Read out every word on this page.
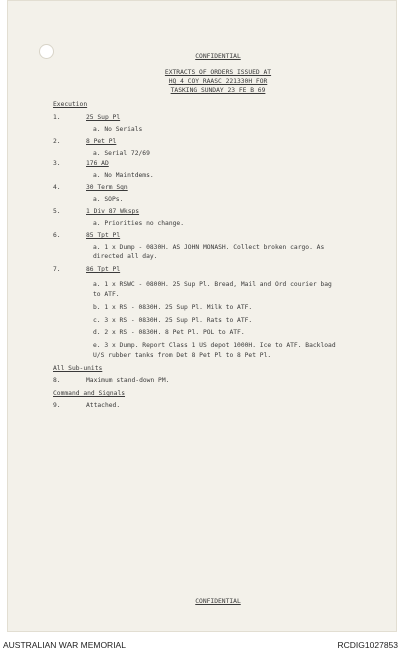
CONFIDENTIAL
EXTRACTS OF ORDERS ISSUED AT
HQ 4 COY RAASC 221330H FOR
TASKING SUNDAY 23 FE B 69
Execution
1.	25 Sup Pl
a. No Serials
2.	8 Pet Pl
a. Serial 72/69
3.	176 AD
a. No Maintdems.
4.	30 Term Sqn
a. SOPs.
5.	1 Div 87 Wksps
a. Priorities no change.
6.	85 Tpt Pl
a. 1 x Dump - 0830H. AS JOHN MONASH. Collect broken cargo. As
directed all day.
7.	86 Tpt Pl
a. 1 x RSWC - 0800H. 25 Sup Pl. Bread, Mail and Ord courier bag
to ATF.
b. 1 x RS - 0830H. 25 Sup Pl. Milk to ATF.
c. 3 x RS - 0830H. 25 Sup Pl. Rats to ATF.
d. 2 x RS - 0830H. 8 Pet Pl. POL to ATF.
e. 3 x Dump. Report Class 1 US depot 1000H. Ice to ATF. Backload
U/S rubber tanks from Det 8 Pet Pl to 8 Pet Pl.
All Sub-units
8.	Maximum stand-down PM.
Command and Signals
9.	Attached.
CONFIDENTIAL
AUSTRALIAN WAR MEMORIAL	RCDIG1027853
